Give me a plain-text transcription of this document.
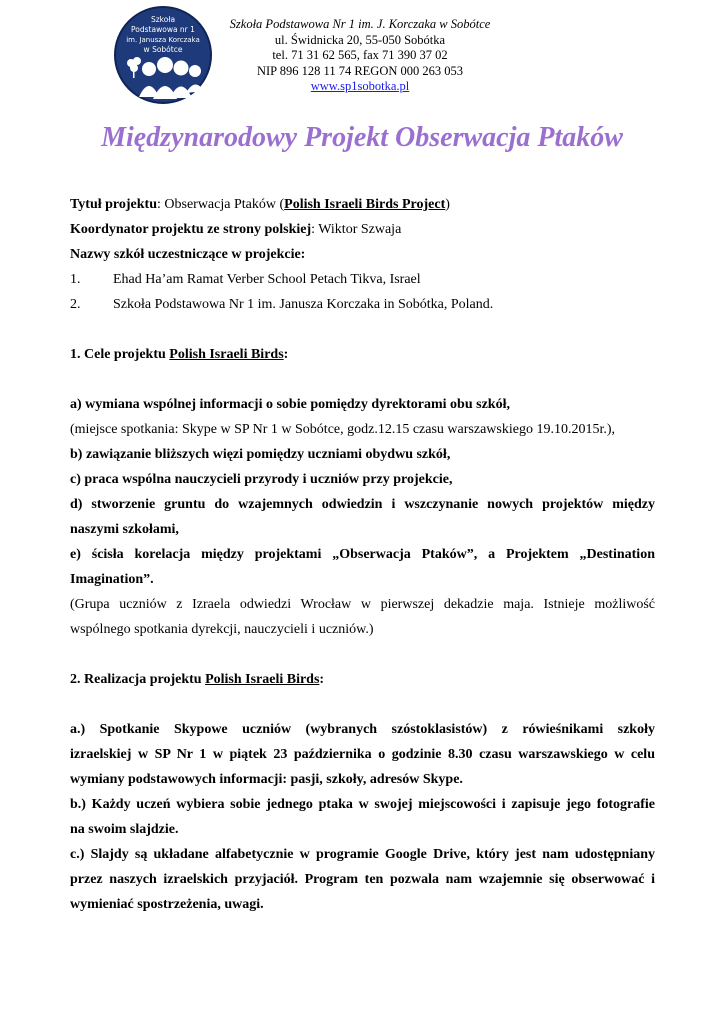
Szkoła
Podstawowa nr 1
im. Janusza Korczaka
w Sobótce
Szkoła Podstawowa Nr 1 im. J. Korczaka w Sobótce
ul. Świdnicka 20, 55-050 Sobótka
tel. 71 31 62 565, fax 71 390 37 02
NIP 896 128 11 74 REGON 000 263 053
www.sp1sobotka.pl
Międzynarodowy Projekt Obserwacja Ptaków

Tytuł projektu: Obserwacja Ptaków (Polish Israeli Birds Project)

Koordynator projektu ze strony polskiej: Wiktor Szwaja

Nazwy szkół uczestniczące w projekcie:

1.	Ehad Ha’am Ramat Verber School Petach Tikva, Israel
2.	Szkoła Podstawowa Nr 1 im. Janusza Korczaka in Sobótka, Poland.

1. Cele projektu Polish Israeli Birds:

a) wymiana wspólnej informacji o sobie pomiędzy dyrektorami obu szkół,

(miejsce spotkania: Skype w SP Nr 1 w Sobótce, godz.12.15 czasu warszawskiego 19.10.2015r.),

b) zawiązanie bliższych więzi pomiędzy uczniami obydwu szkół,

c) praca wspólna nauczycieli przyrody i uczniów przy projekcie,

d) stworzenie gruntu do wzajemnych odwiedzin i wszczynanie nowych projektów między

naszymi szkołami,

e) ścisła korelacja między projektami „Obserwacja Ptaków”, a Projektem „Destination

Imagination”.

(Grupa uczniów z Izraela odwiedzi Wrocław w pierwszej dekadzie maja. Istnieje możliwość

wspólnego spotkania dyrekcji, nauczycieli i uczniów.)

2. Realizacja projektu Polish Israeli Birds:

a.) Spotkanie Skypowe uczniów (wybranych szóstoklasistów) z rówieśnikami szkoły

izraelskiej w SP Nr 1 w piątek 23 października o godzinie 8.30 czasu warszawskiego w celu

wymiany podstawowych informacji: pasji, szkoły, adresów Skype.

b.) Każdy uczeń wybiera sobie jednego ptaka w swojej miejscowości i zapisuje jego fotografie

na swoim slajdzie.

c.) Slajdy są układane alfabetycznie w programie Google Drive, który jest nam udostępniany

przez naszych izraelskich przyjaciół. Program ten pozwala nam wzajemnie się obserwować i

wymieniać spostrzeżenia, uwagi.
